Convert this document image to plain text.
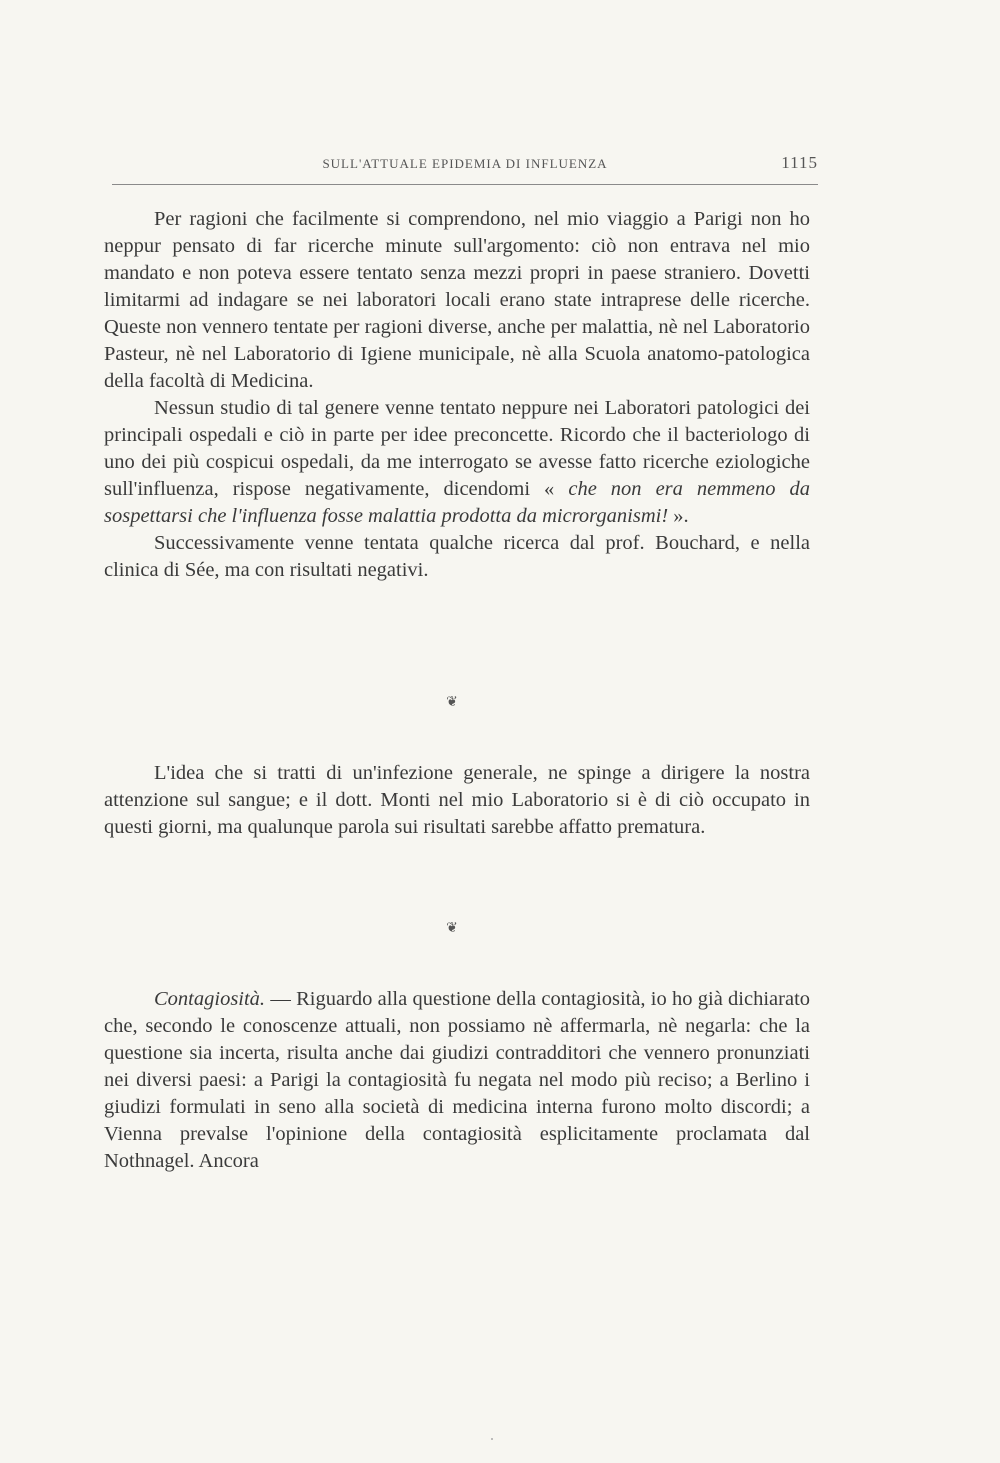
SULL'ATTUALE EPIDEMIA DI INFLUENZA	1115

Per ragioni che facilmente si comprendono, nel mio viaggio a Parigi non ho neppur pensato di far ricerche minute sull'argomento: ciò non entrava nel mio mandato e non poteva essere tentato senza mezzi propri in paese straniero. Dovetti limitarmi ad indagare se nei laboratori locali erano state intraprese delle ricerche. Queste non vennero tentate per ragioni diverse, anche per malattia, nè nel Laboratorio Pasteur, nè nel Laboratorio di Igiene municipale, nè alla Scuola anatomo-patologica della facoltà di Medicina.

Nessun studio di tal genere venne tentato neppure nei Laboratori patologici dei principali ospedali e ciò in parte per idee preconcette. Ricordo che il bacteriologo di uno dei più cospicui ospedali, da me interrogato se avesse fatto ricerche eziologiche sull'influenza, rispose negativamente, dicendomi « che non era nemmeno da sospettarsi che l'influenza fosse malattia prodotta da microrganismi! ».

Successivamente venne tentata qualche ricerca dal prof. Bouchard, e nella clinica di Sée, ma con risultati negativi.

❦

L'idea che si tratti di un'infezione generale, ne spinge a dirigere la nostra attenzione sul sangue; e il dott. Monti nel mio Laboratorio si è di ciò occupato in questi giorni, ma qualunque parola sui risultati sarebbe affatto prematura.

❦

Contagiosità. — Riguardo alla questione della contagiosità, io ho già dichiarato che, secondo le conoscenze attuali, non possiamo nè affermarla, nè negarla: che la questione sia incerta, risulta anche dai giudizi contradditori che vennero pronunziati nei diversi paesi: a Parigi la contagiosità fu negata nel modo più reciso; a Berlino i giudizi formulati in seno alla società di medicina interna furono molto discordi; a Vienna prevalse l'opinione della contagiosità esplicitamente proclamata dal Nothnagel. Ancora
